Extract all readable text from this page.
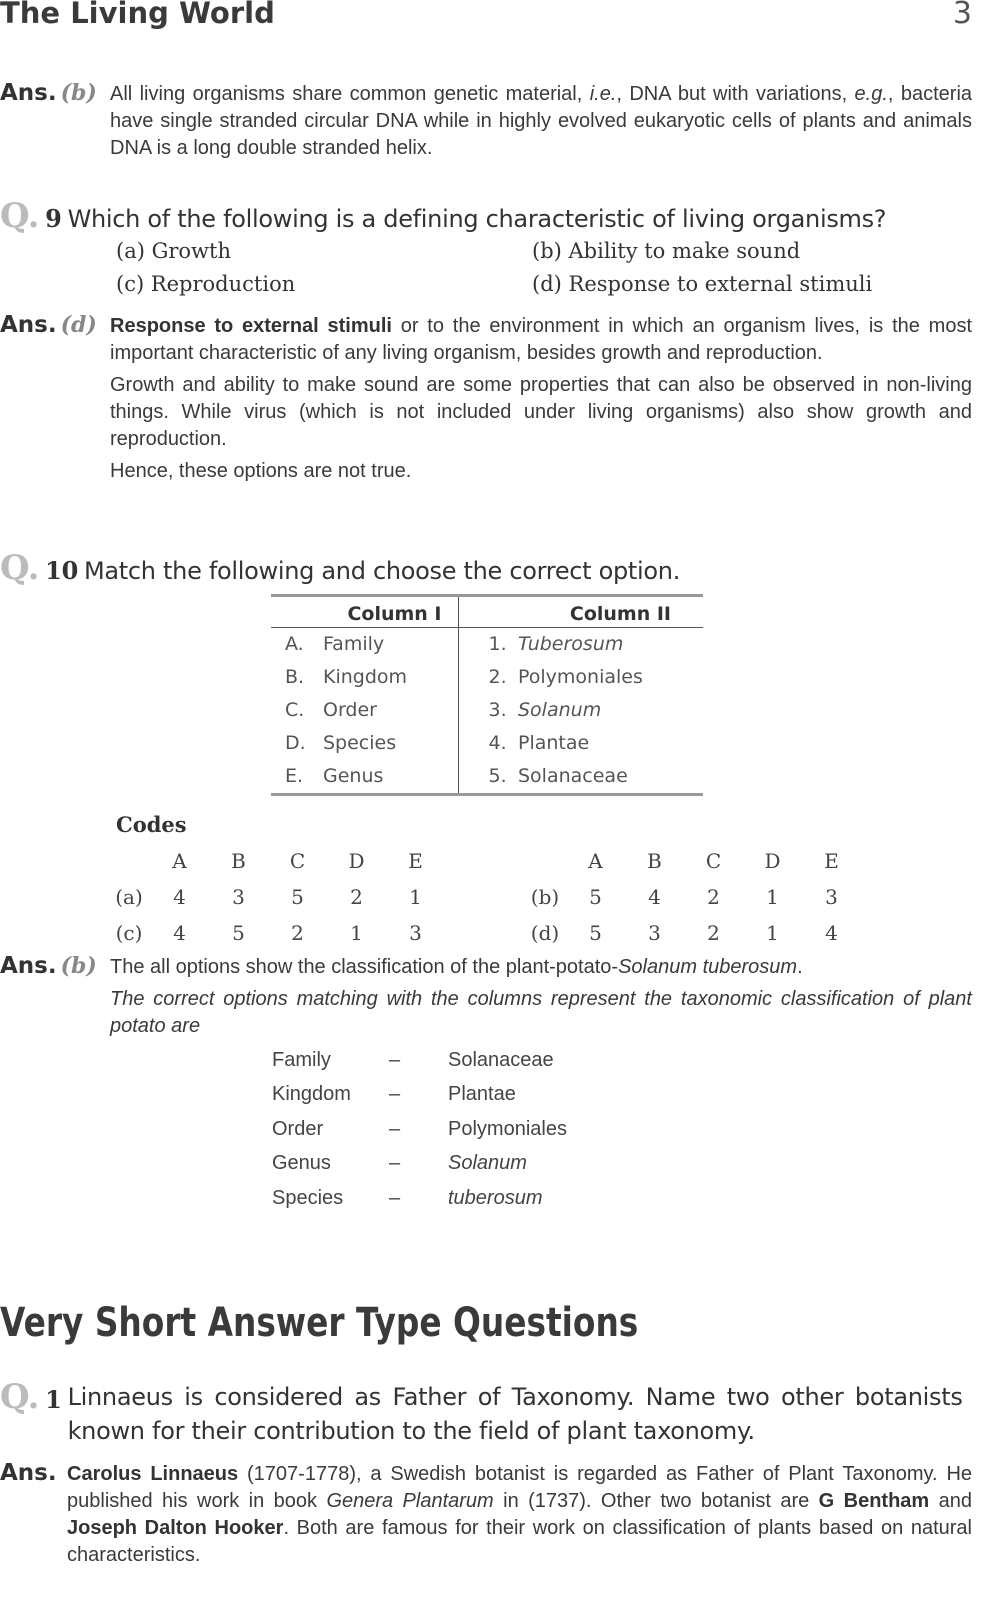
The Living World	3
Ans. (b) All living organisms share common genetic material, i.e., DNA but with variations, e.g., bacteria have single stranded circular DNA while in highly evolved eukaryotic cells of plants and animals DNA is a long double stranded helix.
Q. 9 Which of the following is a defining characteristic of living organisms?
(a) Growth	(b) Ability to make sound
(c) Reproduction	(d) Response to external stimuli
Ans. (d) Response to external stimuli or to the environment in which an organism lives, is the most important characteristic of any living organism, besides growth and reproduction.
Growth and ability to make sound are some properties that can also be observed in non-living things. While virus (which is not included under living organisms) also show growth and reproduction.
Hence, these options are not true.
Q. 10 Match the following and choose the correct option.
Column I		Column II	
A.	Family	1.	Tuberosum
B.	Kingdom	2.	Polymoniales
C.	Order	3.	Solanum
D.	Species	4.	Plantae
E.	Genus	5.	Solanaceae
Codes
	A	B	C	D	E
(a)	4	3	5	2	1
(c)	4	5	2	1	3
	A	B	C	D	E
(b)	5	4	2	1	3
(d)	5	3	2	1	4
Ans. (b) The all options show the classification of the plant-potato-Solanum tuberosum.
The correct options matching with the columns represent the taxonomic classification of plant potato are
Family	–	Solanaceae
Kingdom	–	Plantae
Order	–	Polymoniales
Genus	–	Solanum
Species	–	tuberosum
Very Short Answer Type Questions
Q. 1 Linnaeus is considered as Father of Taxonomy. Name two other botanists known for their contribution to the field of plant taxonomy.
Ans. Carolus Linnaeus (1707-1778), a Swedish botanist is regarded as Father of Plant Taxonomy. He published his work in book Genera Plantarum in (1737). Other two botanist are G Bentham and Joseph Dalton Hooker. Both are famous for their work on classification of plants based on natural characteristics.
